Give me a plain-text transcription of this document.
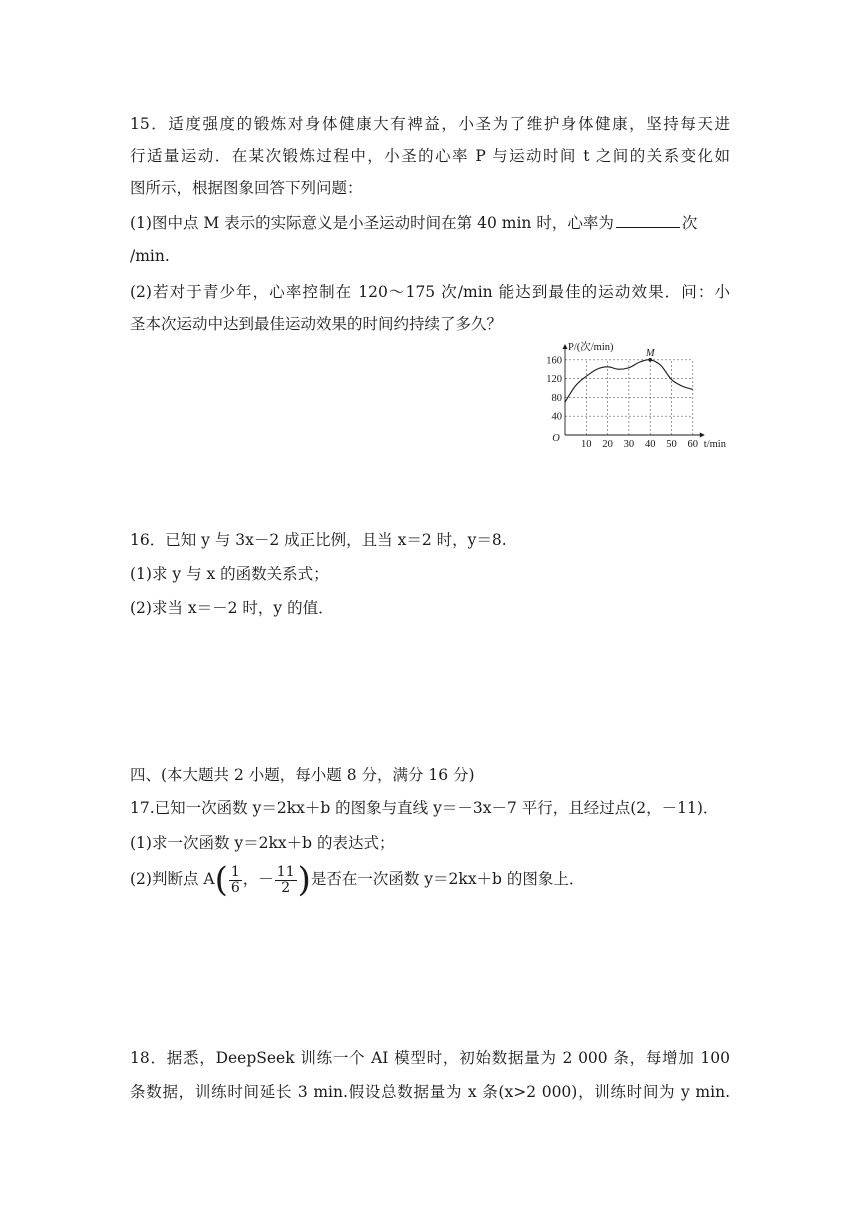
15．适度强度的锻炼对身体健康大有裨益，小圣为了维护身体健康，坚持每天进
行适量运动．在某次锻炼过程中，小圣的心率 P 与运动时间 t 之间的关系变化如
图所示，根据图象回答下列问题：
(1)图中点 M 表示的实际意义是小圣运动时间在第 40 min 时，心率为	次
/min.
(2)若对于青少年，心率控制在 120～175 次/min 能达到最佳的运动效果．问：小
圣本次运动中达到最佳运动效果的时间约持续了多久？
40
80
120
160
10 20 30 40 50 60
O
P/(次/min)
t/min
M
16．已知 y 与 3x－2 成正比例，且当 x＝2 时，y＝8.
(1)求 y 与 x 的函数关系式；
(2)求当 x＝－2 时，y 的值．
四、(本大题共 2 小题，每小题 8 分，满分 16 分)
17.已知一次函数 y＝2kx＋b 的图象与直线 y＝－3x－7 平行，且经过点(2，－11)．
(1)求一次函数 y＝2kx＋b 的表达式；
(2)判断点 $A( \frac{1}{6}$ ，－ $\frac{11}{2}$ )是否在一次函数 y＝2kx＋b 的图象上．
18．据悉，DeepSeek 训练一个 AI 模型时，初始数据量为 2 000 条，每增加 100
条数据，训练时间延长 3 min.假设总数据量为 x 条(x>2 000)，训练时间为 y min.
